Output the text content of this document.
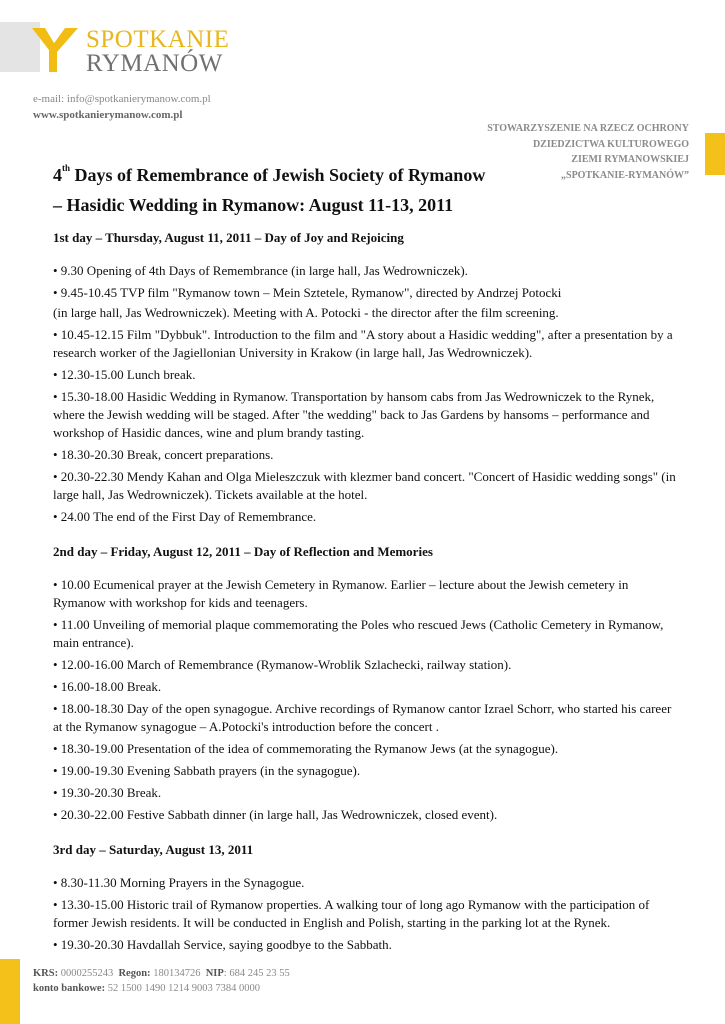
SPOTKANIE
RYMANÓW
e-mail: info@spotkanierymanow.com.pl
www.spotkanierymanow.com.pl
STOWARZYSZENIE NA RZECZ OCHRONY
DZIEDZICTWA KULTUROWEGO
ZIEMI RYMANOWSKIEJ
„SPOTKANIE-RYMANÓW”
4th Days of Remembrance of Jewish Society of Rymanow
– Hasidic Wedding in Rymanow: August 11-13, 2011
1st day – Thursday, August 11, 2011 – Day of Joy and Rejoicing
• 9.30 Opening of 4th Days of Remembrance (in large hall, Jas Wedrowniczek).
• 9.45-10.45 TVP film "Rymanow town – Mein Sztetele, Rymanow", directed by Andrzej Potocki
(in large hall, Jas Wedrowniczek). Meeting with A. Potocki - the director after the film screening.
• 10.45-12.15 Film "Dybbuk". Introduction to the film and "A story about a Hasidic wedding", after a presentation by a research worker of the Jagiellonian University in Krakow (in large hall, Jas Wedrowniczek).
• 12.30-15.00 Lunch break.
• 15.30-18.00 Hasidic Wedding in Rymanow. Transportation by hansom cabs from Jas Wedrowniczek to the Rynek, where the Jewish wedding will be staged. After "the wedding" back to Jas Gardens by hansoms – performance and workshop of Hasidic dances, wine and plum brandy tasting.
• 18.30-20.30 Break, concert preparations.
• 20.30-22.30 Mendy Kahan and Olga Mieleszczuk with klezmer band concert. "Concert of Hasidic wedding songs" (in large hall, Jas Wedrowniczek). Tickets available at the hotel.
• 24.00 The end of the First Day of Remembrance.
2nd day – Friday, August 12, 2011 – Day of Reflection and Memories
• 10.00 Ecumenical prayer at the Jewish Cemetery in Rymanow. Earlier – lecture about the Jewish cemetery in Rymanow with workshop for kids and teenagers.
• 11.00 Unveiling of memorial plaque commemorating the Poles who rescued Jews (Catholic Cemetery in Rymanow, main entrance).
• 12.00-16.00 March of Remembrance (Rymanow-Wroblik Szlachecki, railway station).
• 16.00-18.00 Break.
• 18.00-18.30 Day of the open synagogue. Archive recordings of Rymanow cantor Izrael Schorr, who started his career at the Rymanow synagogue – A.Potocki's introduction before the concert .
• 18.30-19.00 Presentation of the idea of commemorating the Rymanow Jews (at the synagogue).
• 19.00-19.30 Evening Sabbath prayers (in the synagogue).
• 19.30-20.30 Break.
• 20.30-22.00 Festive Sabbath dinner (in large hall, Jas Wedrowniczek, closed event).
3rd day – Saturday, August 13, 2011
• 8.30-11.30 Morning Prayers in the Synagogue.
• 13.30-15.00 Historic trail of Rymanow properties. A walking tour of long ago Rymanow with the participation of former Jewish residents. It will be conducted in English and Polish, starting in the parking lot at the Rynek.
• 19.30-20.30 Havdallah Service, saying goodbye to the Sabbath.
KRS: 0000255243 Regon: 180134726 NIP: 684 245 23 55
konto bankowe: 52 1500 1490 1214 9003 7384 0000
